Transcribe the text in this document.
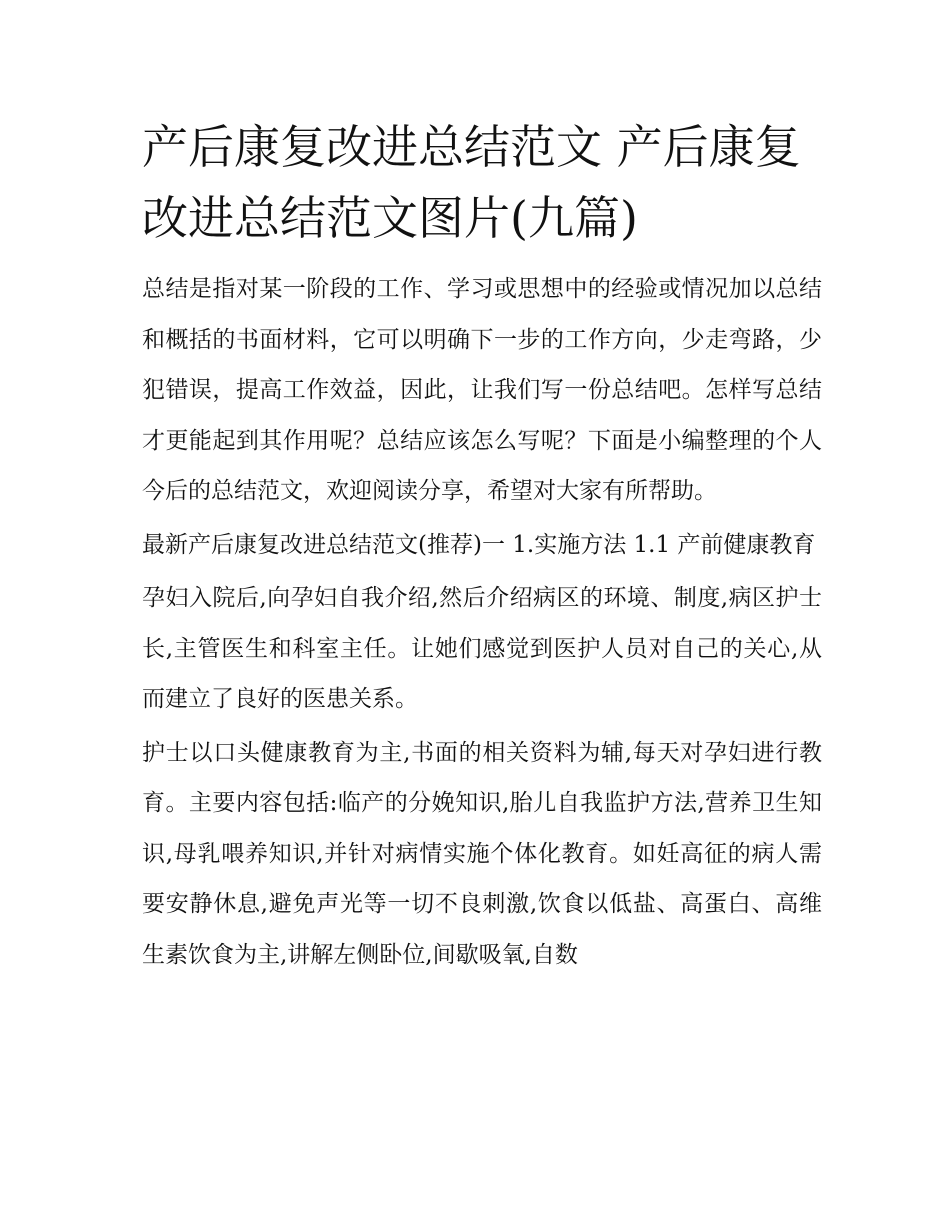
产后康复改进总结范文 产后康复改进总结范文图片(九篇)

总结是指对某一阶段的工作、学习或思想中的经验或情况加以总结和概括的书面材料，它可以明确下一步的工作方向，少走弯路，少犯错误，提高工作效益，因此，让我们写一份总结吧。怎样写总结才更能起到其作用呢？总结应该怎么写呢？下面是小编整理的个人今后的总结范文，欢迎阅读分享，希望对大家有所帮助。

最新产后康复改进总结范文(推荐)一 1.实施方法 1.1 产前健康教育

孕妇入院后,向孕妇自我介绍,然后介绍病区的环境、制度,病区护士长,主管医生和科室主任。让她们感觉到医护人员对自己的关心,从而建立了良好的医患关系。

护士以口头健康教育为主,书面的相关资料为辅,每天对孕妇进行教育。主要内容包括:临产的分娩知识,胎儿自我监护方法,营养卫生知识,母乳喂养知识,并针对病情实施个体化教育。如妊高征的病人需要安静休息,避免声光等一切不良刺激,饮食以低盐、高蛋白、高维生素饮食为主,讲解左侧卧位,间歇吸氧,自数
